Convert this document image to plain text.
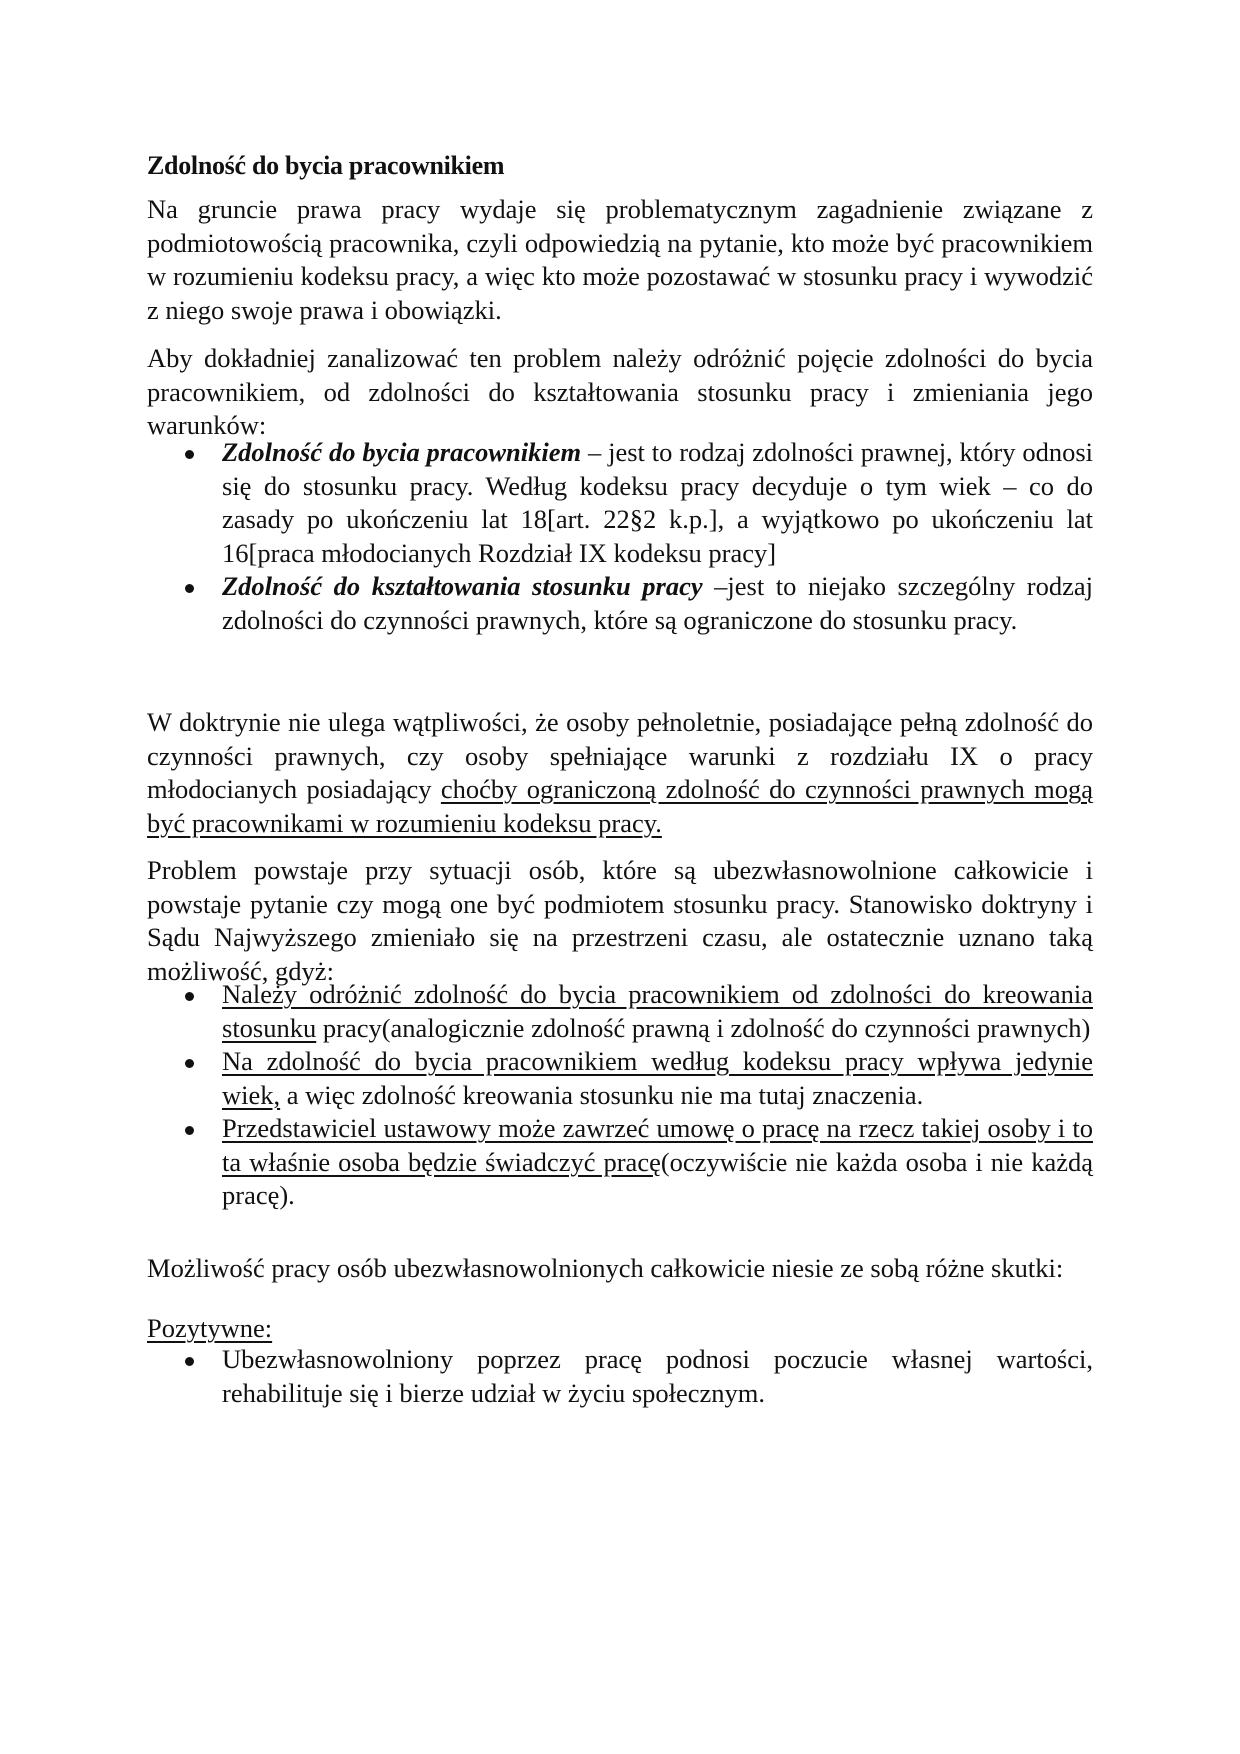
Zdolność do bycia pracownikiem
Na gruncie prawa pracy wydaje się problematycznym zagadnienie związane z podmiotowością pracownika, czyli odpowiedzią na pytanie, kto może być pracownikiem w rozumieniu kodeksu pracy, a więc kto może pozostawać w stosunku pracy i wywodzić z niego swoje prawa i obowiązki.
Aby dokładniej zanalizować ten problem należy odróżnić pojęcie zdolności do bycia pracownikiem, od zdolności do kształtowania stosunku pracy i zmieniania jego warunków:
Zdolność do bycia pracownikiem – jest to rodzaj zdolności prawnej, który odnosi się do stosunku pracy. Według kodeksu pracy decyduje o tym wiek – co do zasady po ukończeniu lat 18[art. 22§2 k.p.], a wyjątkowo po ukończeniu lat 16[praca młodocianych Rozdział IX kodeksu pracy]
Zdolność do kształtowania stosunku pracy –jest to niejako szczególny rodzaj zdolności do czynności prawnych, które są ograniczone do stosunku pracy.
W doktrynie nie ulega wątpliwości, że osoby pełnoletnie, posiadające pełną zdolność do czynności prawnych, czy osoby spełniające warunki z rozdziału IX o pracy młodocianych posiadający choćby ograniczoną zdolność do czynności prawnych mogą być pracownikami w rozumieniu kodeksu pracy.
Problem powstaje przy sytuacji osób, które są ubezwłasnowolnione całkowicie i powstaje pytanie czy mogą one być podmiotem stosunku pracy. Stanowisko doktryny i Sądu Najwyższego zmieniało się na przestrzeni czasu, ale ostatecznie uznano taką możliwość, gdyż:
Należy odróżnić zdolność do bycia pracownikiem od zdolności do kreowania stosunku pracy(analogicznie zdolność prawną i zdolność do czynności prawnych)
Na zdolność do bycia pracownikiem według kodeksu pracy wpływa jedynie wiek, a więc zdolność kreowania stosunku nie ma tutaj znaczenia.
Przedstawiciel ustawowy może zawrzeć umowę o pracę na rzecz takiej osoby i to ta właśnie osoba będzie świadczyć pracę(oczywiście nie każda osoba i nie każdą pracę).
Możliwość pracy osób ubezwłasnowolnionych całkowicie niesie ze sobą różne skutki:
Pozytywne:
Ubezwłasnowolniony poprzez pracę podnosi poczucie własnej wartości, rehabilituje się i bierze udział w życiu społecznym.
